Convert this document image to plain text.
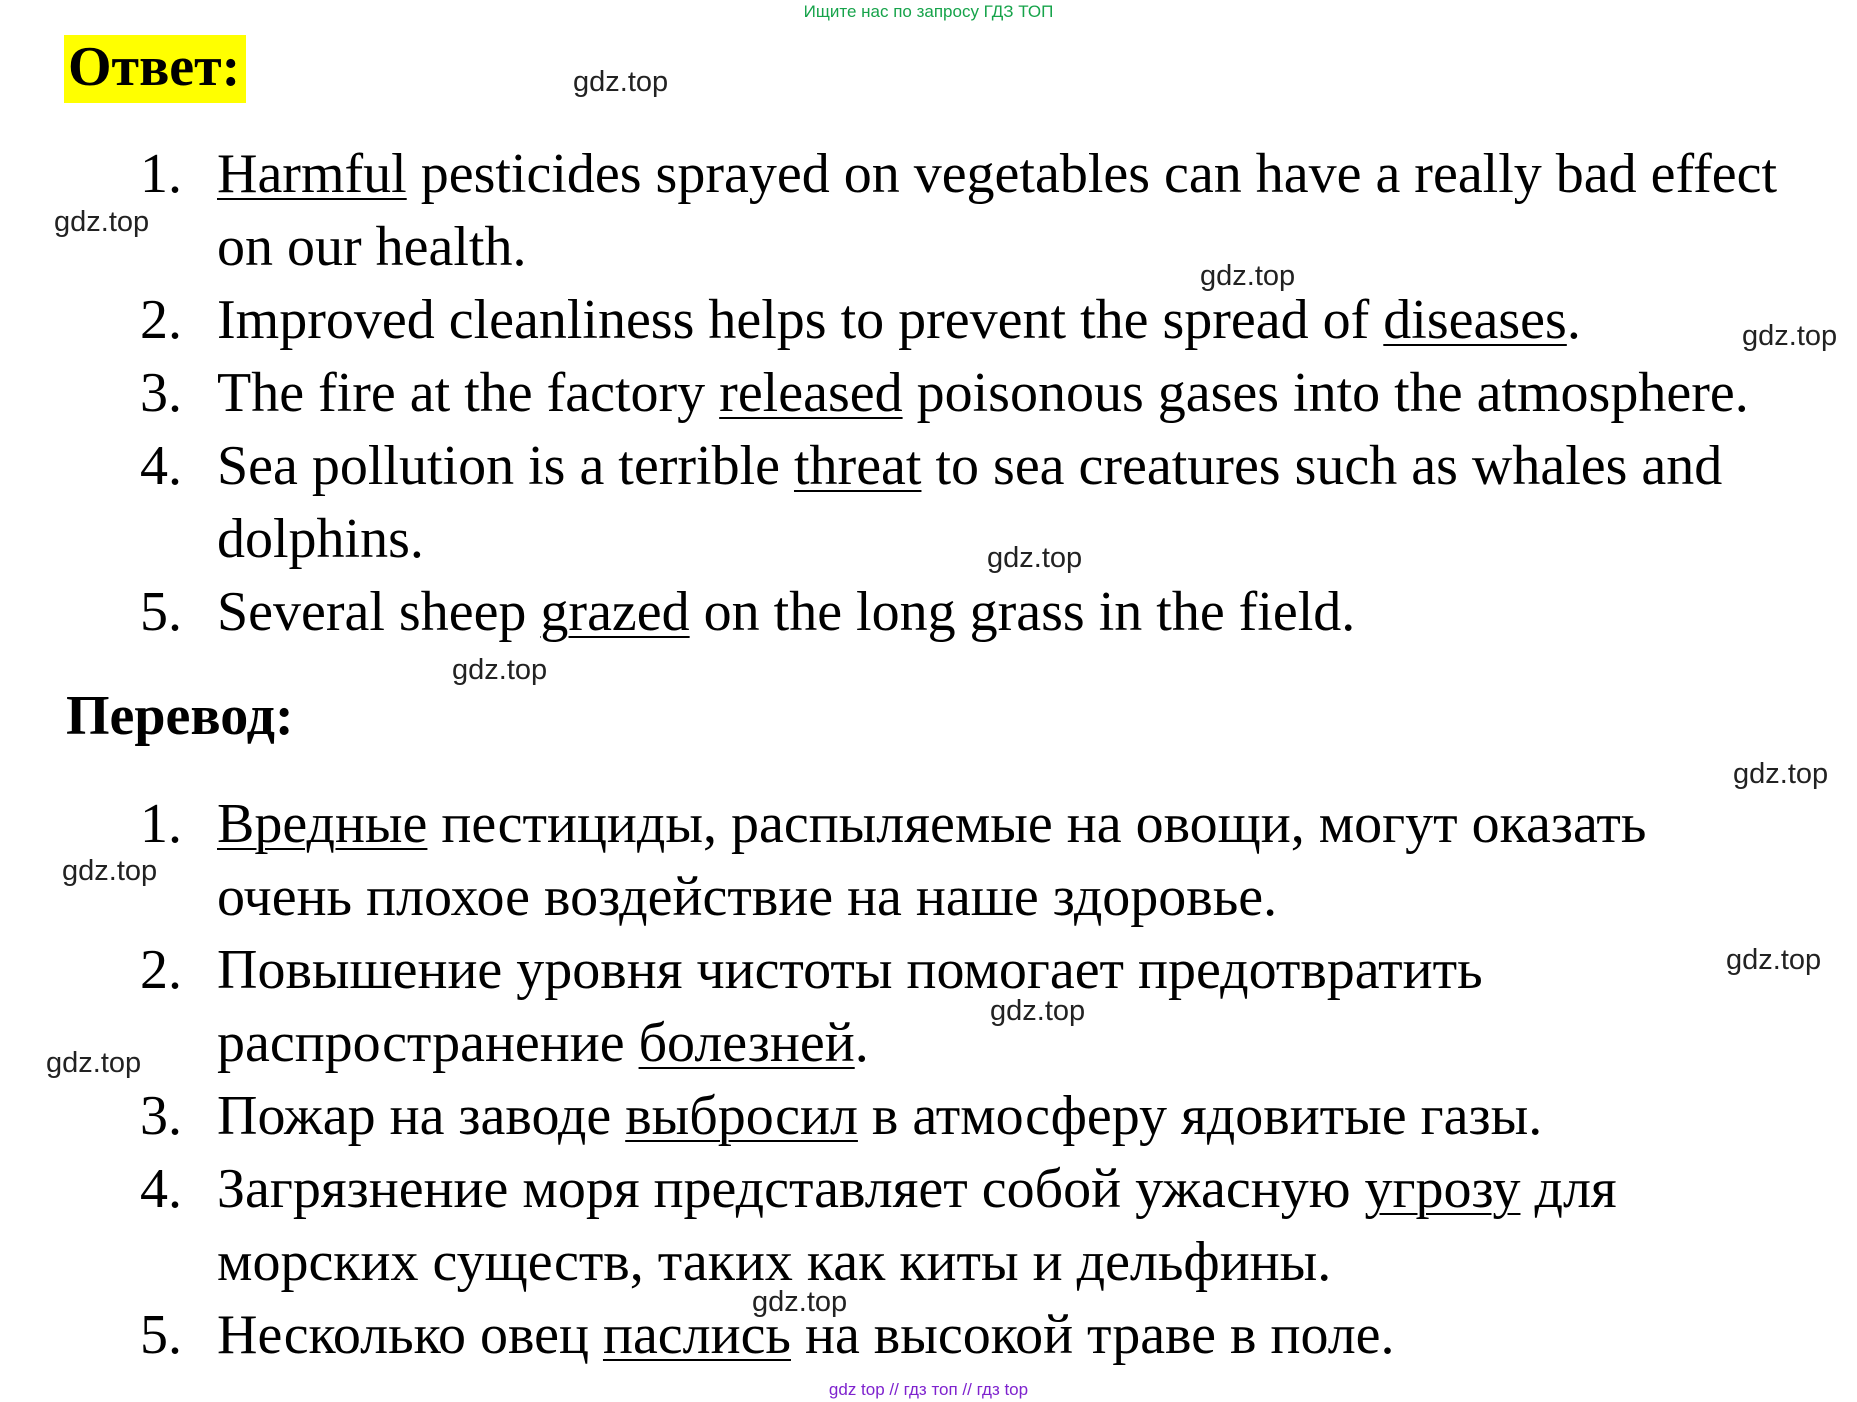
Ищите нас по запросу ГДЗ ТОП
Ответ:
1. Harmful pesticides sprayed on vegetables can have a really bad effect on our health.
2. Improved cleanliness helps to prevent the spread of diseases.
3. The fire at the factory released poisonous gases into the atmosphere.
4. Sea pollution is a terrible threat to sea creatures such as whales and dolphins.
5. Several sheep grazed on the long grass in the field.
Перевод:
1. Вредные пестициды, распыляемые на овощи, могут оказать очень плохое воздействие на наше здоровье.
2. Повышение уровня чистоты помогает предотвратить распространение болезней.
3. Пожар на заводе выбросил в атмосферу ядовитые газы.
4. Загрязнение моря представляет собой ужасную угрозу для морских существ, таких как киты и дельфины.
5. Несколько овец паслись на высокой траве в поле.
gdz.top
gdz.top
gdz.top
gdz.top
gdz.top
gdz.top
gdz.top
gdz.top
gdz.top
gdz.top
gdz.top
gdz.top
gdz top // гдз топ // гдз top
